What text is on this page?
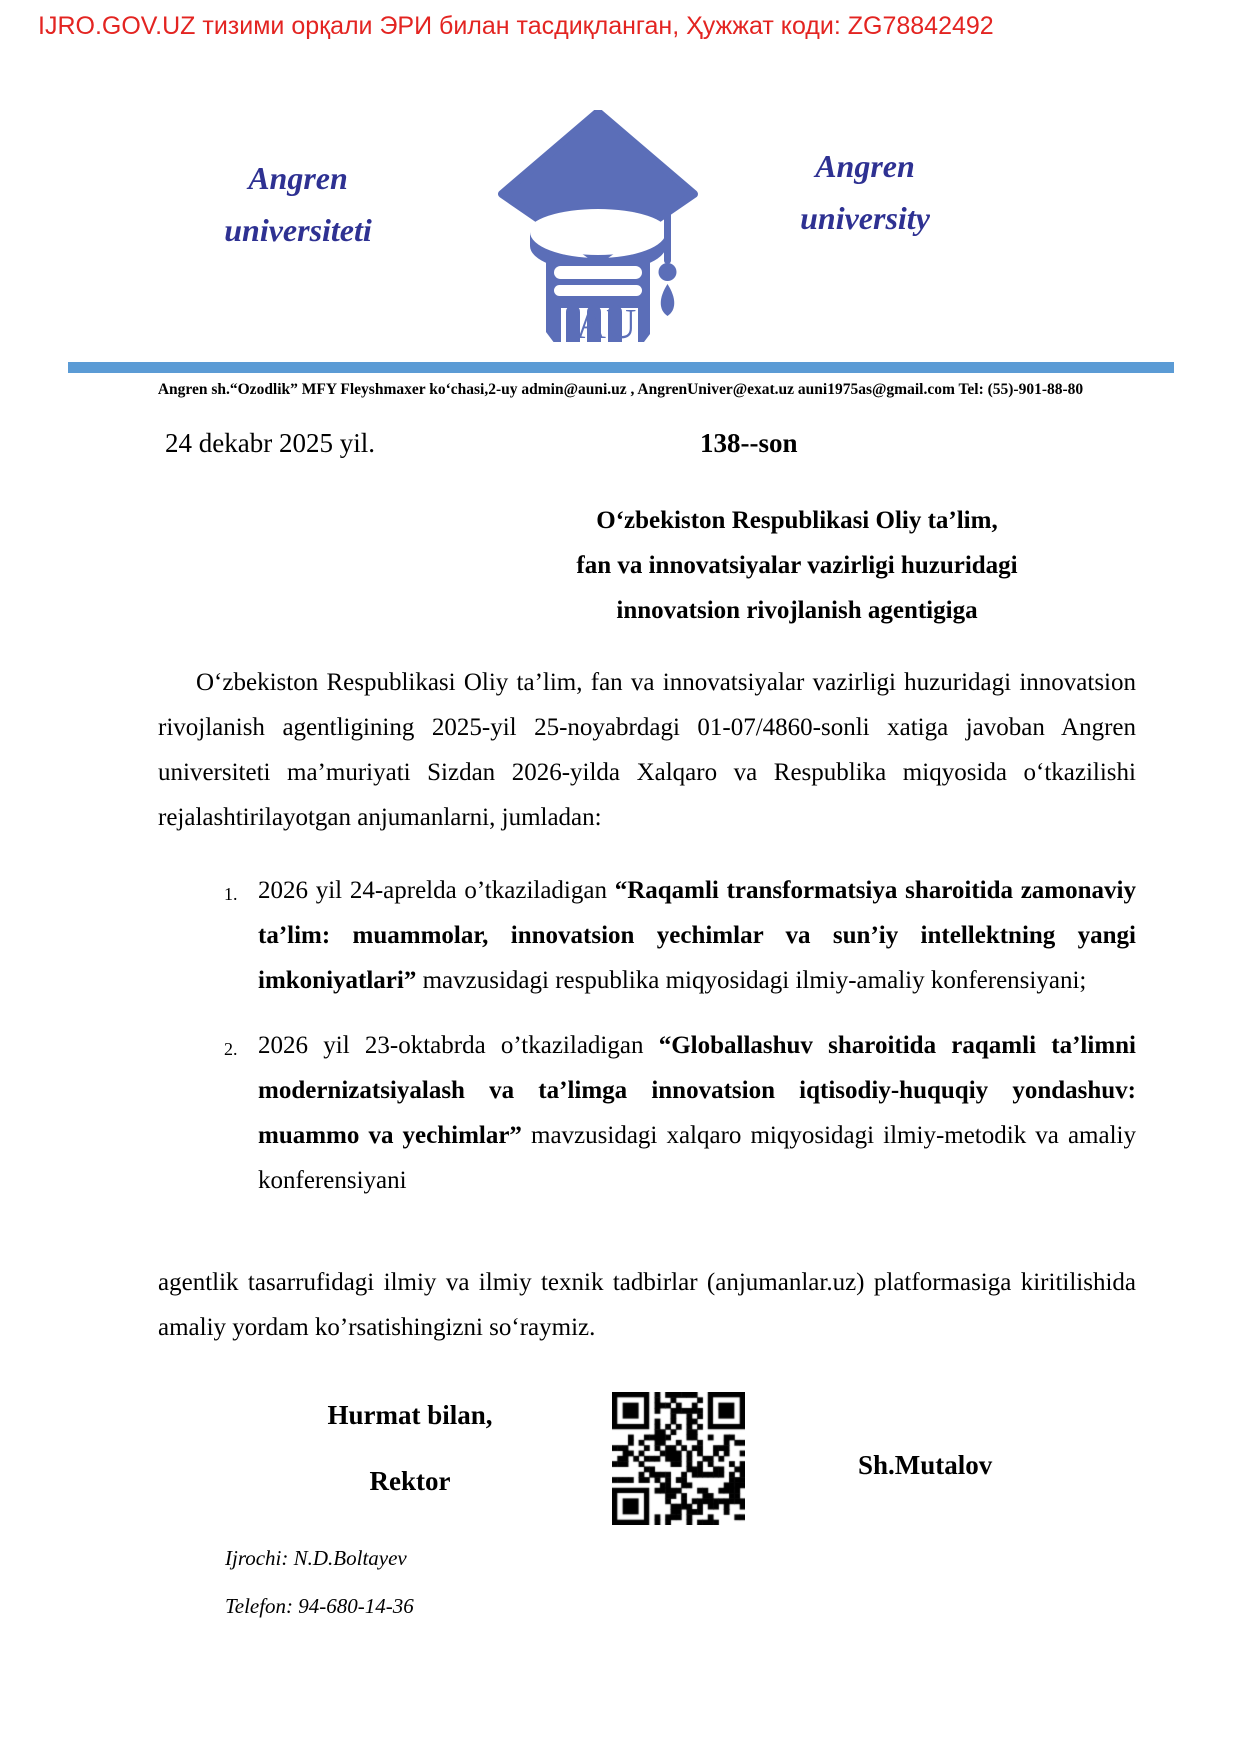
IJRO.GOV.UZ тизими орқали ЭРИ билан тасдиқланган, Ҳужжат коди: ZG78842492
Angren
universiteti
AU
Angren
university
Angren sh.“Ozodlik” MFY Fleyshmaxer ko‘chasi,2-uy admin@auni.uz , AngrenUniver@exat.uz auni1975as@gmail.com Tel: (55)-901-88-80
24 dekabr 2025 yil.	138--son
O‘zbekiston Respublikasi Oliy ta’lim,
fan va innovatsiyalar vazirligi huzuridagi
innovatsion rivojlanish agentigiga
O‘zbekiston Respublikasi Oliy ta’lim, fan va innovatsiyalar vazirligi huzuridagi innovatsion rivojlanish agentligining 2025-yil 25-noyabrdagi 01-07/4860-sonli xatiga javoban Angren universiteti ma’muriyati Sizdan 2026-yilda Xalqaro va Respublika miqyosida o‘tkazilishi rejalashtirilayotgan anjumanlarni, jumladan:
1. 2026 yil 24-aprelda o’tkaziladigan “Raqamli transformatsiya sharoitida zamonaviy ta’lim: muammolar, innovatsion yechimlar va sun’iy intellektning yangi imkoniyatlari” mavzusidagi respublika miqyosidagi ilmiy-amaliy konferensiyani;
2. 2026 yil 23-oktabrda o’tkaziladigan “Globallashuv sharoitida raqamli ta’limni modernizatsiyalash va ta’limga innovatsion iqtisodiy-huquqiy yondashuv: muammo va yechimlar” mavzusidagi xalqaro miqyosidagi ilmiy-metodik va amaliy konferensiyani
agentlik tasarrufidagi ilmiy va ilmiy texnik tadbirlar (anjumanlar.uz) platformasiga kiritilishida amaliy yordam ko’rsatishingizni so‘raymiz.
Hurmat bilan,
Rektor
Sh.Mutalov
Ijrochi: N.D.Boltayev
Telefon: 94-680-14-36
